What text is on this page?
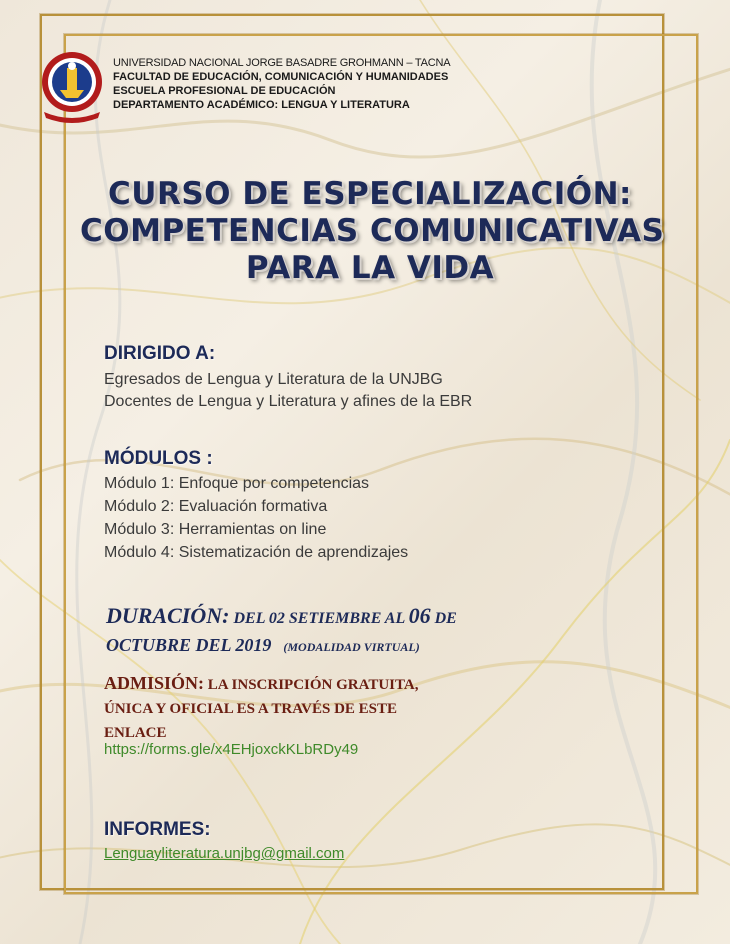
UNIVERSIDAD NACIONAL JORGE BASADRE GROHMANN – TACNA
FACULTAD DE EDUCACIÓN, COMUNICACIÓN Y HUMANIDADES
ESCUELA PROFESIONAL DE EDUCACIÓN
DEPARTAMENTO ACADÉMICO: LENGUA Y LITERATURA
CURSO DE ESPECIALIZACIÓN:
COMPETENCIAS COMUNICATIVAS
PARA LA VIDA
DIRIGIDO A:
Egresados de Lengua y Literatura de la UNJBG
Docentes de Lengua y Literatura y afines de la EBR
MÓDULOS :
Módulo 1: Enfoque por competencias
Módulo 2: Evaluación formativa
Módulo 3: Herramientas on line
Módulo 4: Sistematización de aprendizajes
DURACIÓN: DEL 02 SETIEMBRE AL 06 DE
OCTUBRE DEL 2019 (MODALIDAD VIRTUAL)
ADMISIÓN: LA INSCRIPCIÓN GRATUITA,
ÚNICA Y OFICIAL ES A TRAVÉS DE ESTE
ENLACE
https://forms.gle/x4EHjoxckKLbRDy49
INFORMES:
Lenguayliteratura.unjbg@gmail.com
